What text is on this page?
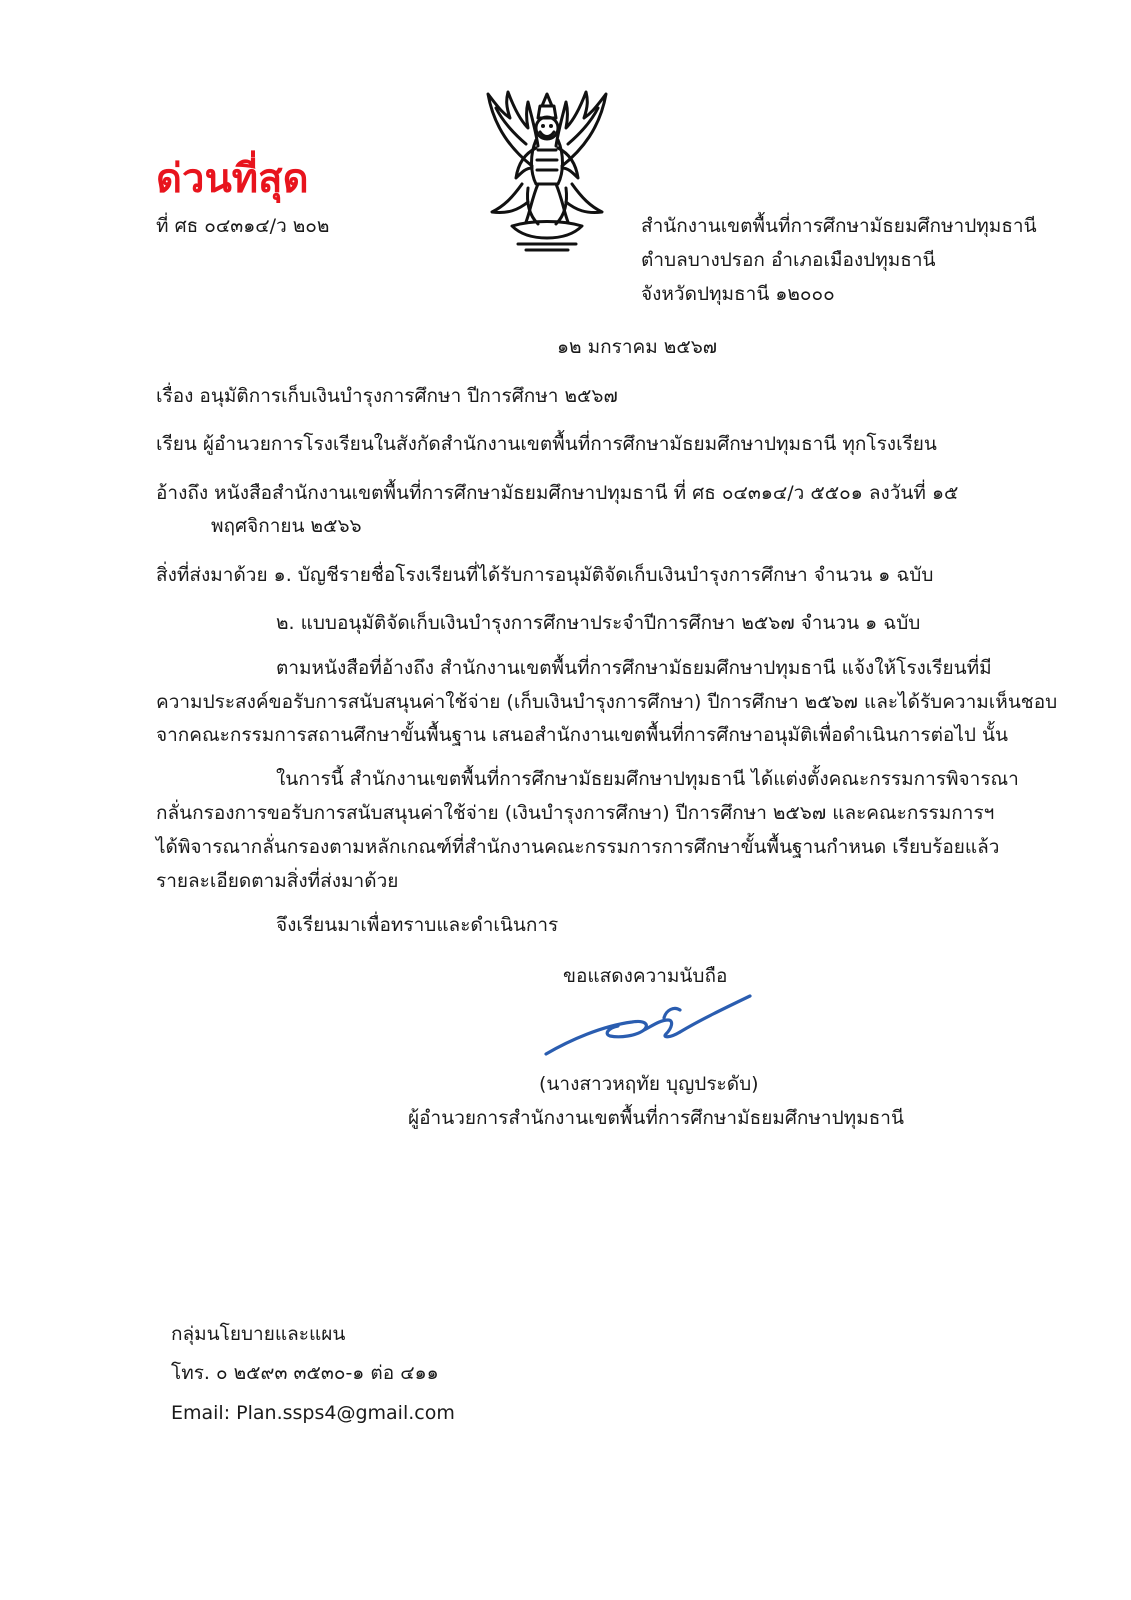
ด่วนที่สุด
ที่ ศธ ๐๔๓๑๔/ว ๒๐๒	สำนักงานเขตพื้นที่การศึกษามัธยมศึกษาปทุมธานี
ตำบลบางปรอก อำเภอเมืองปทุมธานี
จังหวัดปทุมธานี ๑๒๐๐๐
๑๒ มกราคม ๒๕๖๗
เรื่อง อนุมัติการเก็บเงินบำรุงการศึกษา ปีการศึกษา ๒๕๖๗
เรียน ผู้อำนวยการโรงเรียนในสังกัดสำนักงานเขตพื้นที่การศึกษามัธยมศึกษาปทุมธานี ทุกโรงเรียน
อ้างถึง หนังสือสำนักงานเขตพื้นที่การศึกษามัธยมศึกษาปทุมธานี ที่ ศธ ๐๔๓๑๔/ว ๕๕๐๑ ลงวันที่ ๑๕
พฤศจิกายน ๒๕๖๖
สิ่งที่ส่งมาด้วย ๑. บัญชีรายชื่อโรงเรียนที่ได้รับการอนุมัติจัดเก็บเงินบำรุงการศึกษา จำนวน ๑ ฉบับ
๒. แบบอนุมัติจัดเก็บเงินบำรุงการศึกษาประจำปีการศึกษา ๒๕๖๗ จำนวน ๑ ฉบับ
ตามหนังสือที่อ้างถึง สำนักงานเขตพื้นที่การศึกษามัธยมศึกษาปทุมธานี แจ้งให้โรงเรียนที่มี
ความประสงค์ขอรับการสนับสนุนค่าใช้จ่าย (เก็บเงินบำรุงการศึกษา) ปีการศึกษา ๒๕๖๗ และได้รับความเห็นชอบ
จากคณะกรรมการสถานศึกษาขั้นพื้นฐาน เสนอสำนักงานเขตพื้นที่การศึกษาอนุมัติเพื่อดำเนินการต่อไป นั้น
ในการนี้ สำนักงานเขตพื้นที่การศึกษามัธยมศึกษาปทุมธานี ได้แต่งตั้งคณะกรรมการพิจารณา
กลั่นกรองการขอรับการสนับสนุนค่าใช้จ่าย (เงินบำรุงการศึกษา) ปีการศึกษา ๒๕๖๗ และคณะกรรมการฯ
ได้พิจารณากลั่นกรองตามหลักเกณฑ์ที่สำนักงานคณะกรรมการการศึกษาขั้นพื้นฐานกำหนด เรียบร้อยแล้ว
รายละเอียดตามสิ่งที่ส่งมาด้วย
จึงเรียนมาเพื่อทราบและดำเนินการ
ขอแสดงความนับถือ
(นางสาวหฤทัย บุญประดับ)
ผู้อำนวยการสำนักงานเขตพื้นที่การศึกษามัธยมศึกษาปทุมธานี
กลุ่มนโยบายและแผน
โทร. ๐ ๒๕๙๓ ๓๕๓๐-๑ ต่อ ๔๑๑
Email: Plan.ssps4@gmail.com
